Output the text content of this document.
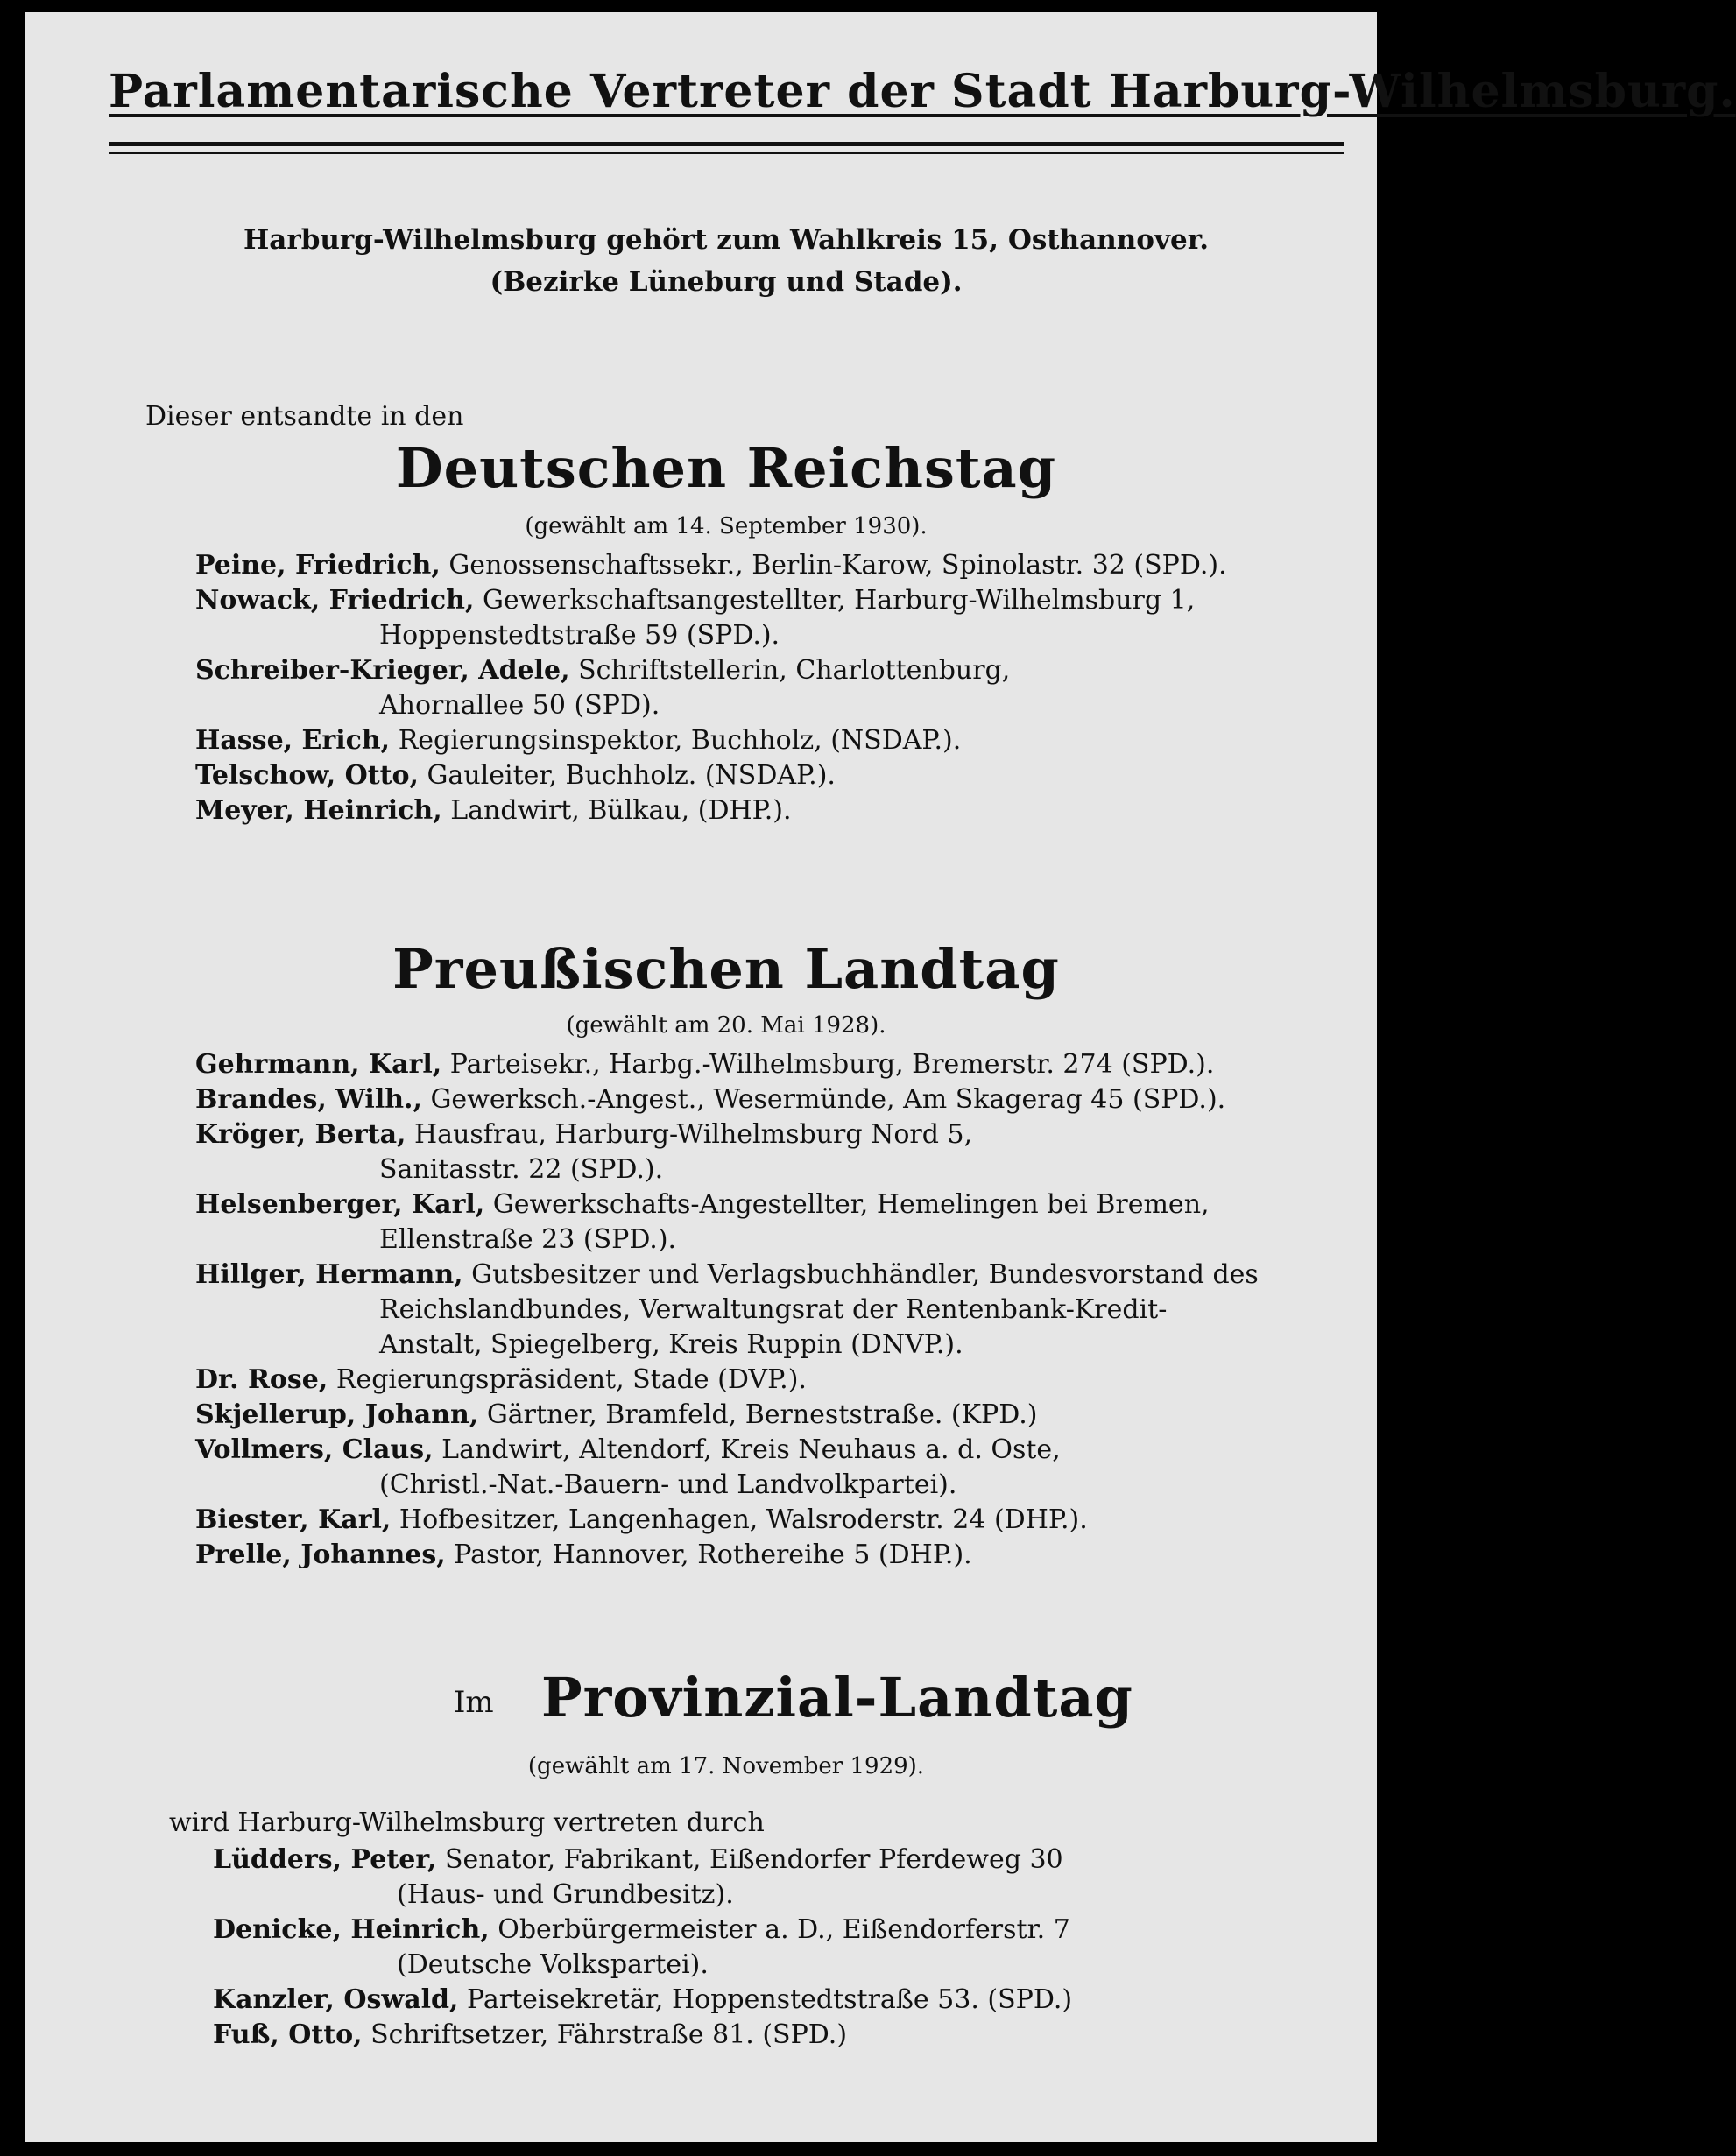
Parlamentarische Vertreter der Stadt Harburg-Wilhelmsburg.
Harburg-Wilhelmsburg gehört zum Wahlkreis 15, Osthannover.
(Bezirke Lüneburg und Stade).
Dieser entsandte in den
Deutschen Reichstag
(gewählt am 14. September 1930).
Peine, Friedrich, Genossenschaftssekr., Berlin-Karow, Spinolastr. 32 (SPD.).
Nowack, Friedrich, Gewerkschaftsangestellter, Harburg-Wilhelmsburg 1,
Hoppenstedtstraße 59 (SPD.).
Schreiber-Krieger, Adele, Schriftstellerin, Charlottenburg,
Ahornallee 50 (SPD).
Hasse, Erich, Regierungsinspektor, Buchholz, (NSDAP.).
Telschow, Otto, Gauleiter, Buchholz. (NSDAP.).
Meyer, Heinrich, Landwirt, Bülkau, (DHP.).
Preußischen Landtag
(gewählt am 20. Mai 1928).
Gehrmann, Karl, Parteisekr., Harbg.-Wilhelmsburg, Bremerstr. 274 (SPD.).
Brandes, Wilh., Gewerksch.-Angest., Wesermünde, Am Skagerag 45 (SPD.).
Kröger, Berta, Hausfrau, Harburg-Wilhelmsburg Nord 5,
Sanitasstr. 22 (SPD.).
Helsenberger, Karl, Gewerkschafts-Angestellter, Hemelingen bei Bremen,
Ellenstraße 23 (SPD.).
Hillger, Hermann, Gutsbesitzer und Verlagsbuchhändler, Bundesvorstand des
Reichslandbundes, Verwaltungsrat der Rentenbank-Kredit-
Anstalt, Spiegelberg, Kreis Ruppin (DNVP.).
Dr. Rose, Regierungspräsident, Stade (DVP.).
Skjellerup, Johann, Gärtner, Bramfeld, Berneststraße. (KPD.)
Vollmers, Claus, Landwirt, Altendorf, Kreis Neuhaus a. d. Oste,
(Christl.-Nat.-Bauern- und Landvolkpartei).
Biester, Karl, Hofbesitzer, Langenhagen, Walsroderstr. 24 (DHP.).
Prelle, Johannes, Pastor, Hannover, Rothereihe 5 (DHP.).
Im Provinzial-Landtag
(gewählt am 17. November 1929).
wird Harburg-Wilhelmsburg vertreten durch
Lüdders, Peter, Senator, Fabrikant, Eißendorfer Pferdeweg 30
(Haus- und Grundbesitz).
Denicke, Heinrich, Oberbürgermeister a. D., Eißendorferstr. 7
(Deutsche Volkspartei).
Kanzler, Oswald, Parteisekretär, Hoppenstedtstraße 53. (SPD.)
Fuß, Otto, Schriftsetzer, Fährstraße 81. (SPD.)
